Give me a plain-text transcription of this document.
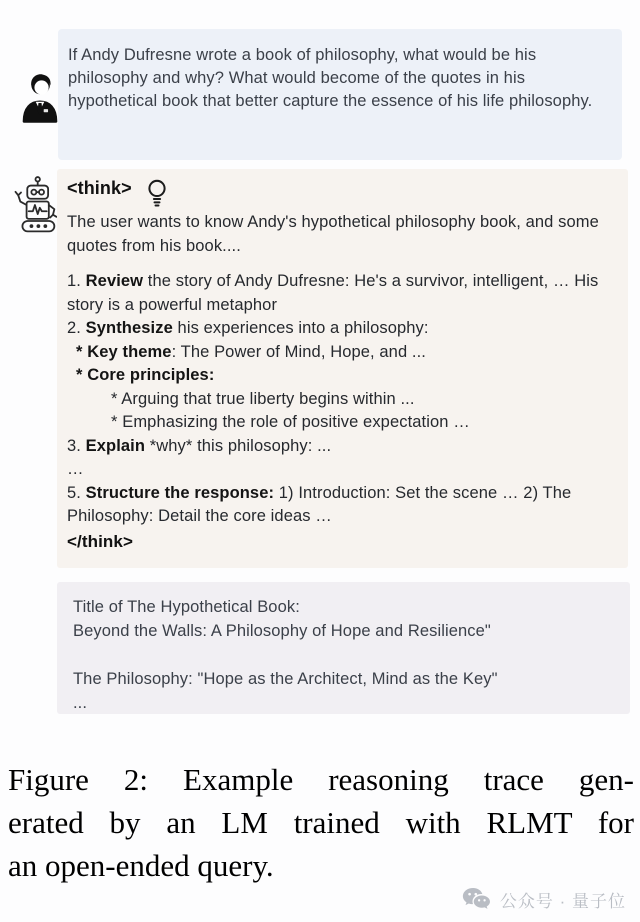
If Andy Dufresne wrote a book of philosophy, what would be his philosophy and why? What would become of the quotes in his hypothetical book that better capture the essence of his life philosophy.
<think>
The user wants to know Andy's hypothetical philosophy book, and some quotes from his book....
1. Review the story of Andy Dufresne: He's a survivor, intelligent, … His story is a powerful metaphor
2. Synthesize his experiences into a philosophy:
* Key theme: The Power of Mind, Hope, and ...
* Core principles:
* Arguing that true liberty begins within ...
* Emphasizing the role of positive expectation …
3. Explain *why* this philosophy: ...
…
5. Structure the response: 1) Introduction: Set the scene … 2) The Philosophy: Detail the core ideas …
</think>
Title of The Hypothetical Book:
Beyond the Walls: A Philosophy of Hope and Resilience"
The Philosophy: "Hope as the Architect, Mind as the Key"
...
Figure 2: Example reasoning trace gen-
erated by an LM trained with RLMT for
an open-ended query.
公众号 · 量子位
